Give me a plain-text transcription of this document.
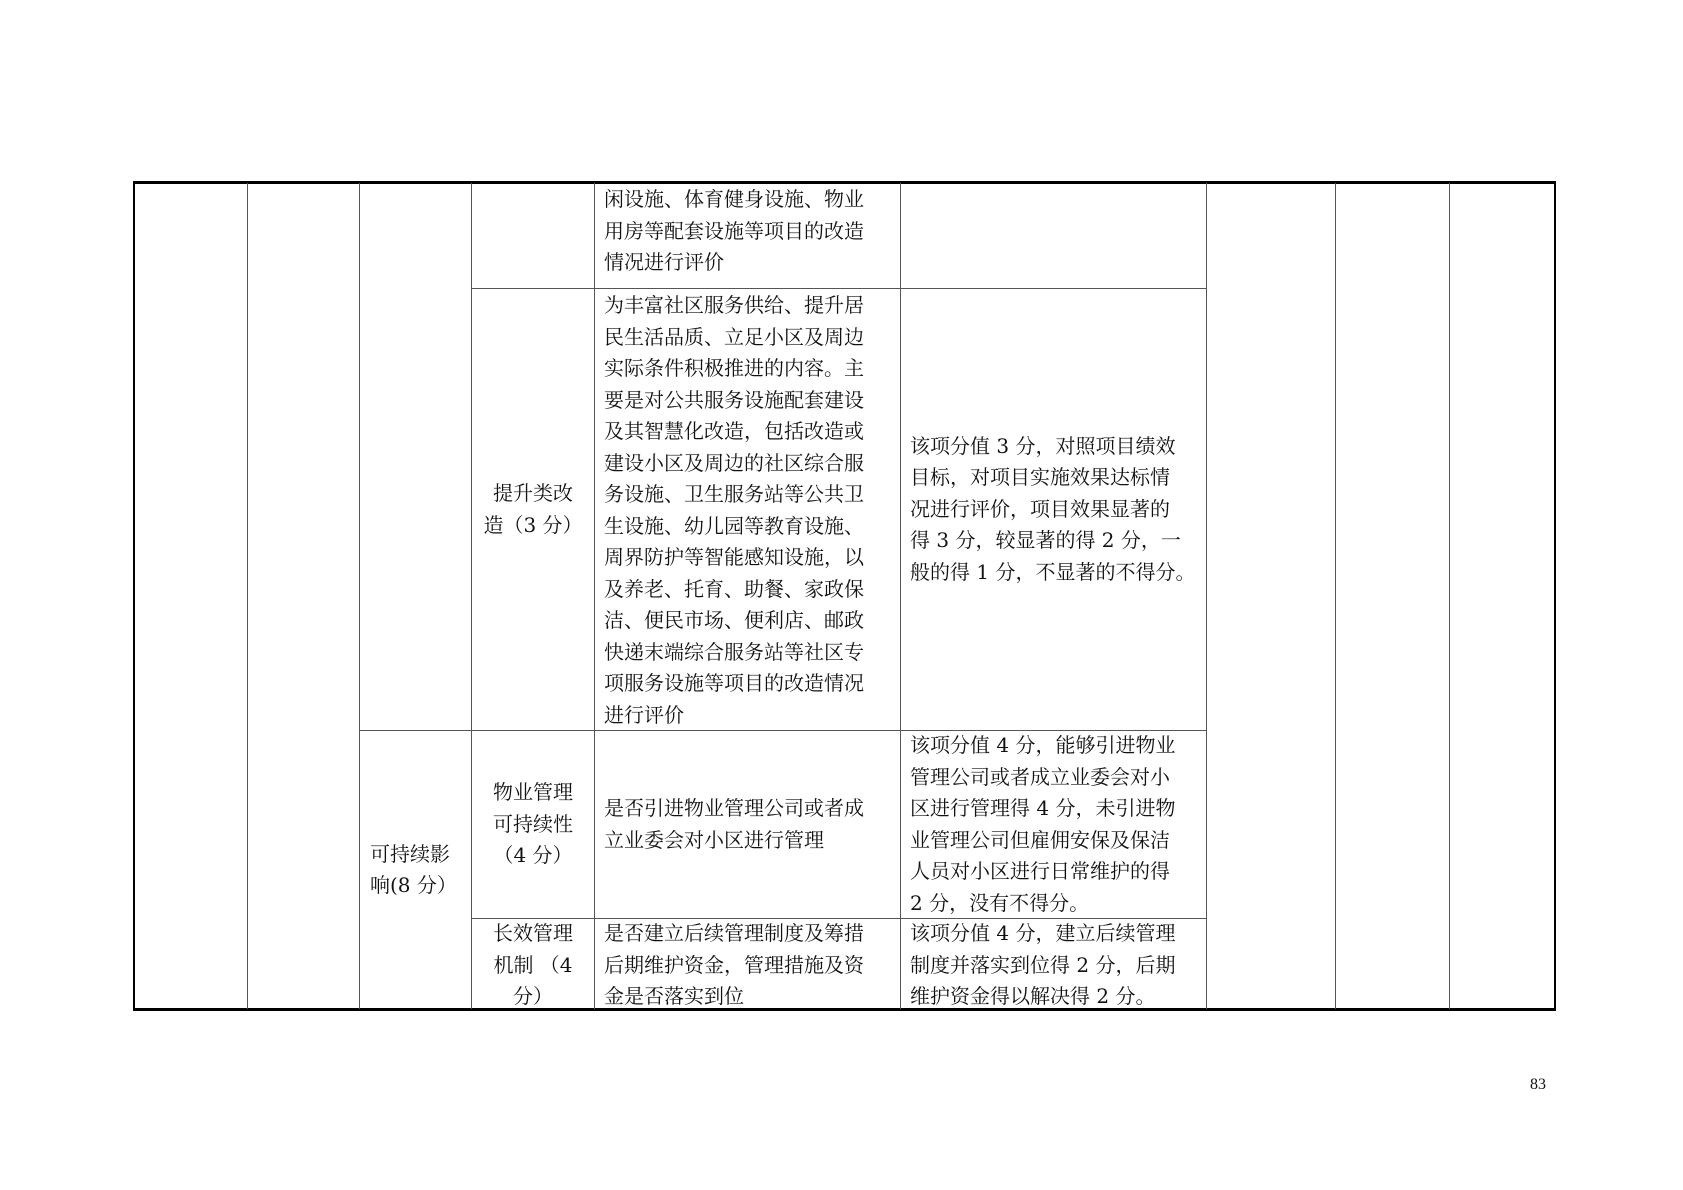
闲设施、体育健身设施、物业
用房等配套设施等项目的改造
情况进行评价
提升类改
造（3 分）
为丰富社区服务供给、提升居
民生活品质、立足小区及周边
实际条件积极推进的内容。主
要是对公共服务设施配套建设
及其智慧化改造，包括改造或
建设小区及周边的社区综合服
务设施、卫生服务站等公共卫
生设施、幼儿园等教育设施、
周界防护等智能感知设施，以
及养老、托育、助餐、家政保
洁、便民市场、便利店、邮政
快递末端综合服务站等社区专
项服务设施等项目的改造情况
进行评价
该项分值 3 分，对照项目绩效
目标，对项目实施效果达标情
况进行评价，项目效果显著的
得 3 分，较显著的得 2 分，一
般的得 1 分，不显著的不得分。
可持续影
响(8 分）
物业管理
可持续性
（4 分）
是否引进物业管理公司或者成
立业委会对小区进行管理
该项分值 4 分，能够引进物业
管理公司或者成立业委会对小
区进行管理得 4 分，未引进物
业管理公司但雇佣安保及保洁
人员对小区进行日常维护的得
2 分，没有不得分。
长效管理
机制 （4
分）
是否建立后续管理制度及筹措
后期维护资金，管理措施及资
金是否落实到位
该项分值 4 分，建立后续管理
制度并落实到位得 2 分，后期
维护资金得以解决得 2 分。
83
